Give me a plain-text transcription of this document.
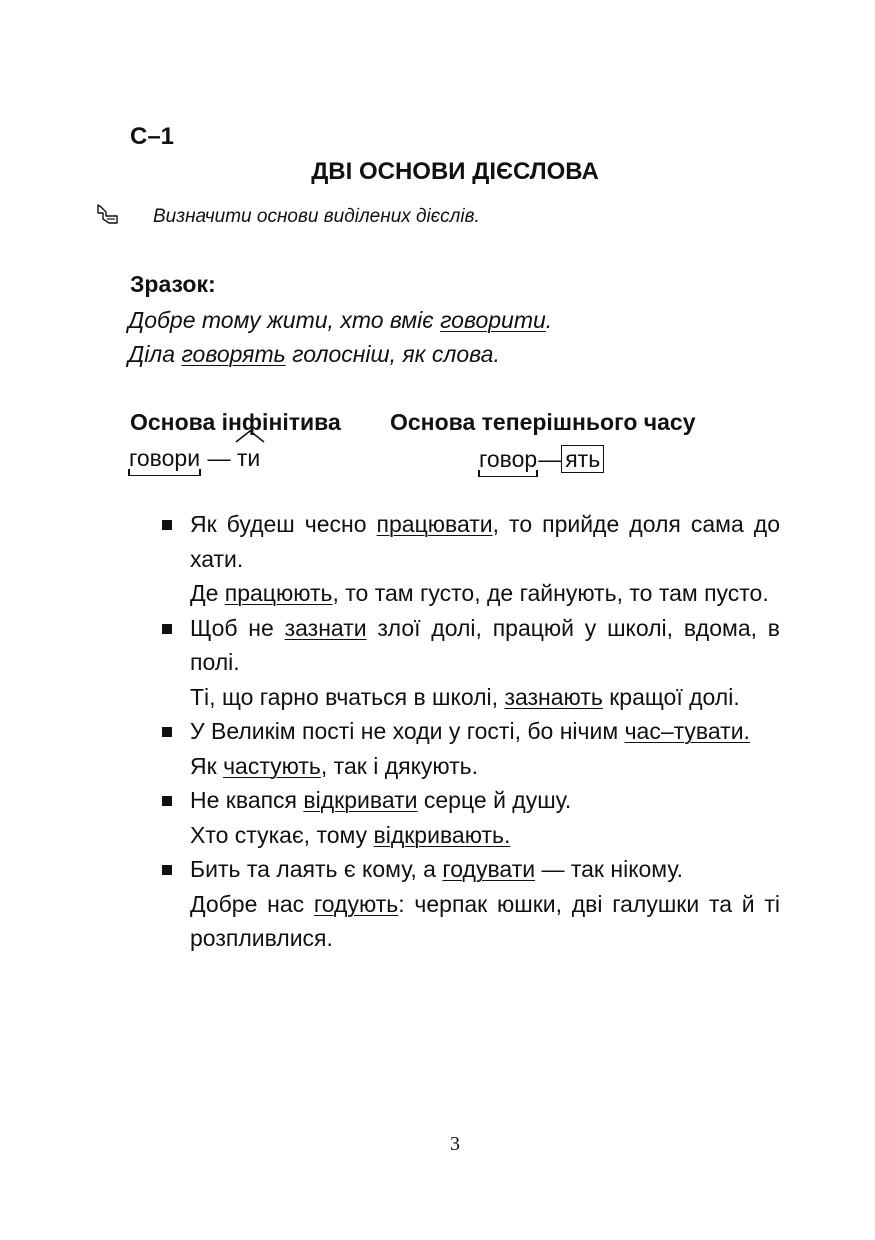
С–1
ДВІ ОСНОВИ ДІЄСЛОВА
Визначити основи виділених дієслів.
Зразок:
Добре тому жити, хто вміє говорити.
Діла говорять голосніш, як слова.
Основа інфінітива Основа теперішнього часу
говори — ти	говор— ять

Як будеш чесно працювати, то прийде доля сама до хати.

Де працюють, то там густо, де гайнують, то там пусто.

Щоб не зазнати злої долі, працюй у школі, вдома, в полі.

Ті, що гарно вчаться в школі, зазнають кращої долі.

У Великім пості не ходи у гості, бо нічим час–тувати.

Як частують, так і дякують.

Не квапся відкривати серце й душу.

Хто стукає, тому відкривають.

Бить та лаять є кому, а годувати — так нікому.

Добре нас годують: черпак юшки, дві галушки та й ті розпливлися.

3
